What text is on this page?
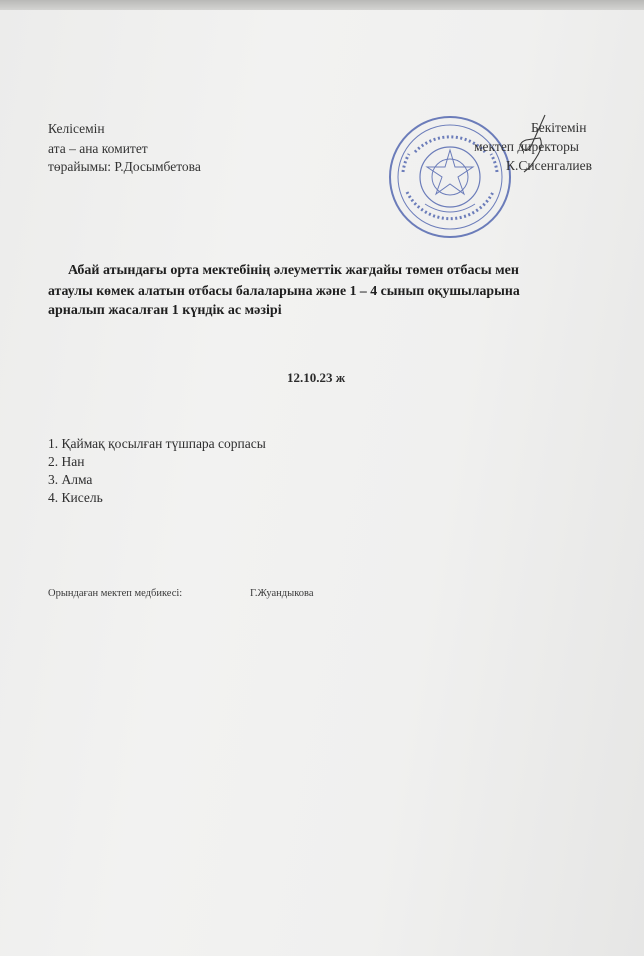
Келісемін
ата – ана комитет
төрайымы: Р.Досымбетова
Бекітемін
мектеп директоры
К.Сисенгалиев
Абай атындағы орта мектебінің әлеуметтік жағдайы төмен отбасы мен
атаулы көмек алатын отбасы балаларына және 1 – 4 сынып оқушыларына
арналып жасалған 1 күндік ас мәзірі
12.10.23 ж
1. Қаймақ қосылған түшпара сорпасы
2. Нан
3. Алма
4. Кисель
Орындаған мектеп медбикесі:	Г.Жуандыкова
